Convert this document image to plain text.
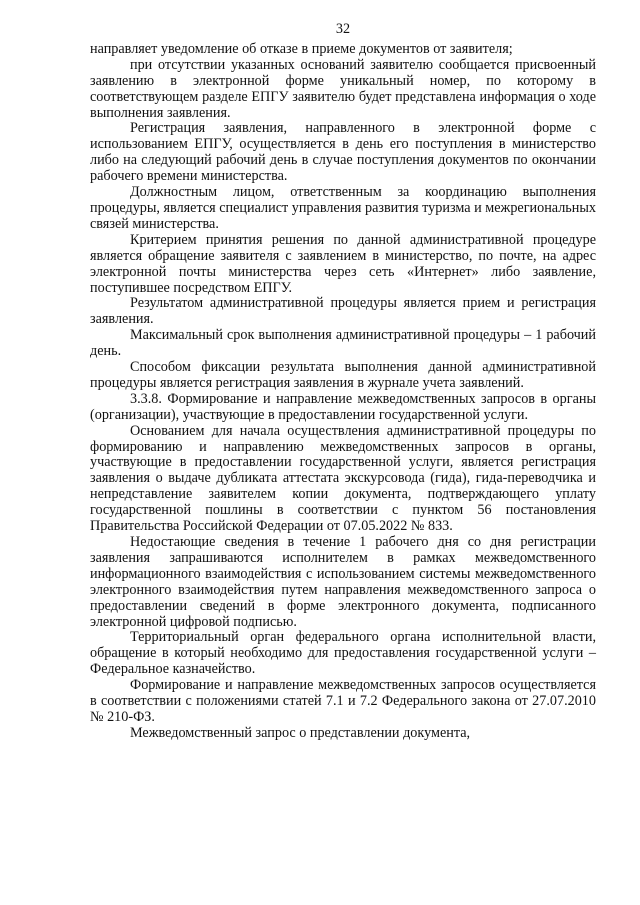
32

направляет уведомление об отказе в приеме документов от заявителя;

при отсутствии указанных оснований заявителю сообщается присвоенный заявлению в электронной форме уникальный номер, по которому в соответствующем разделе ЕПГУ заявителю будет представлена информация о ходе выполнения заявления.

Регистрация заявления, направленного в электронной форме с использованием ЕПГУ, осуществляется в день его поступления в министерство либо на следующий рабочий день в случае поступления документов по окончании рабочего времени министерства.

Должностным лицом, ответственным за координацию выполнения процедуры, является специалист управления развития туризма и межрегиональных связей министерства.

Критерием принятия решения по данной административной процедуре является обращение заявителя с заявлением в министерство, по почте, на адрес электронной почты министерства через сеть «Интернет» либо заявление, поступившее посредством ЕПГУ.

Результатом административной процедуры является прием и регистрация заявления.

Максимальный срок выполнения административной процедуры – 1 рабочий день.

Способом фиксации результата выполнения данной административной процедуры является регистрация заявления в журнале учета заявлений.

3.3.8. Формирование и направление межведомственных запросов в органы (организации), участвующие в предоставлении государственной услуги.

Основанием для начала осуществления административной процедуры по формированию и направлению межведомственных запросов в органы, участвующие в предоставлении государственной услуги, является регистрация заявления о выдаче дубликата аттестата экскурсовода (гида), гида-переводчика и непредставление заявителем копии документа, подтверждающего уплату государственной пошлины в соответствии с пунктом 56 постановления Правительства Российской Федерации от 07.05.2022 № 833.

Недостающие сведения в течение 1 рабочего дня со дня регистрации заявления запрашиваются исполнителем в рамках межведомственного информационного взаимодействия с использованием системы межведомственного электронного взаимодействия путем направления межведомственного запроса о предоставлении сведений в форме электронного документа, подписанного электронной цифровой подписью.

Территориальный орган федерального органа исполнительной власти, обращение в который необходимо для предоставления государственной услуги – Федеральное казначейство.

Формирование и направление межведомственных запросов осуществляется в соответствии с положениями статей 7.1 и 7.2 Федерального закона от 27.07.2010 № 210-ФЗ.

Межведомственный запрос о представлении документа,
